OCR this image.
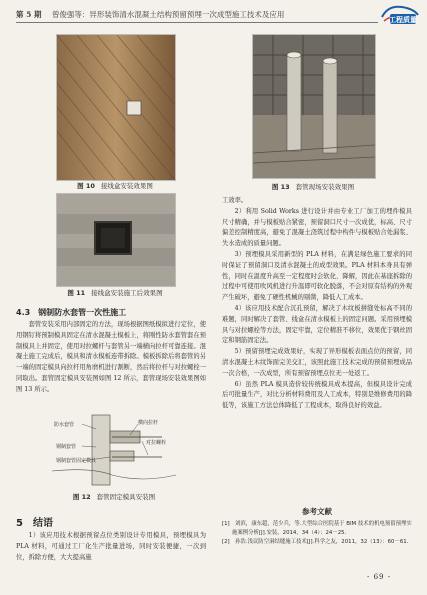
第 5 期 曾俊强等：异形装饰清水混凝土结构预留预埋一次成型施工技术及应用
工程质量
图 10 接线盒安装效果图
图 11 接线盒安装施工后效果图
图 13 套管现场安装效果图
4.3　钢制防水套管一次性施工

套管安装采用内部固定的方法，现场根据图纸模拟进行定位，使用钢钉将预制模具固定在清水混凝土模板上，将刚性防水套管套在预制模具上并固定，使用对拉螺杆与套管另一端横向拉杆可靠连接。混凝土施工完成后，模具和清水模板连带拆除。模板拆除后将套管的另一端的固定模具向拉杆用角磨机进行割断，然后将拉杆与对拉螺栓一同取出。套管固定模具安装图如图 12 所示，套管现场安装效果图如图 13 所示。

防水套管
钢制套管
钢制套管固定模具
横向拉杆
对拉螺栓
图 12 套管固定模具安装图
5　结语

1）该应用技术根据预留点位类别设计专用模具，预埋模具为 PLA 材料，可通过工厂化生产批量进场，同时安装便捷，一次到位，拆除方便，大大提高施

工效率。

2）利用 Solid Works 进行设计并由专业工厂加工的埋件模具尺寸精确，并与模板贴合紧密，预留洞口尺寸一次成优，标高、尺寸偏差控制精度高，避免了混凝土浇筑过程中构件与模板贴合处漏浆、失水造成的质量问题。

3）预埋模具采用新型的 PLA 材料，在满足绿色施工要求的同时保证了预留洞口及清水混凝土的成型效果。PLA 材料本身具有弹性，同时在温度升高至一定程度时会软化、降解，因此在基座拆除的过程中可使用吹风机进行升温即可软化脱落，不会对原有结构的外观产生破坏，避免了硬性机械的剔凿，降低人工成本。

4）该应用技术配合沉孔预留，解决了木纹板拼缝处标高不同的难题，同时解决了套管、线盒在清水模板上的固定问题。采用预埋模具与对拉螺栓等方法，固定牢靠，定位精准不移位，效果优于钢丝固定和钢筋固定法。

5）预留预埋完成效果好，实现了异形模板表面点位的预留，同清水混凝土木纹饰面完美交汇，该照此施工技术完成的预留预埋成品一次合格，一次成型，所有预留预埋点位无一处返工。

6）虽然 PLA 模具造价较传统模具成本提高，但模具设计完成后可批量生产，对比分析材料费用及人工成本，特别是维修费用的降低等，该施工方法总体降低了工程成本，取得良好的效益。

参考文献
[1]　刘滨，康东超，范少兵，等.大型综合医院基于 BIM 技术的机电预留预埋实施案例分析[J].安装，2014，34（4）：24－25.
[2]　孙浩.浅议防空洞结缝施工技术[J].科学之友，2011，32（13）：60－61.
- 69 -
